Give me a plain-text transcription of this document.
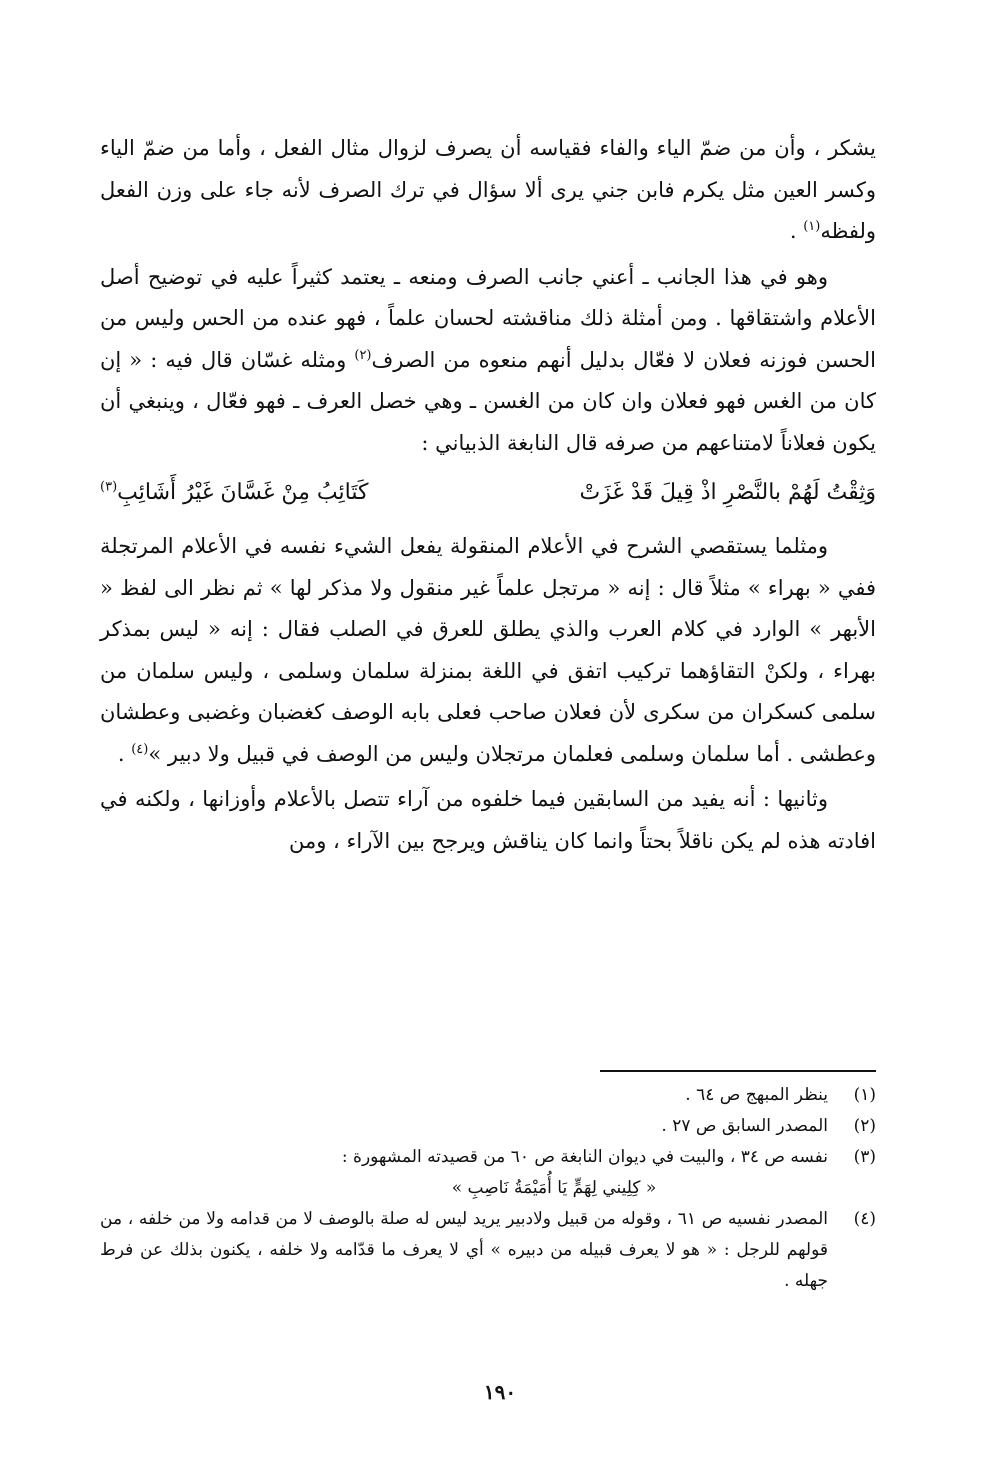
يشكر ، وأن من ضمّ الياء والفاء فقياسه أن يصرف لزوال مثال الفعل ، وأما من ضمّ الياء وكسر العين مثل يكرم فابن جني يرى ألا سؤال في ترك الصرف لأنه جاء على وزن الفعل ولفظه$^{(١)}$ .

وهو في هذا الجانب ـ أعني جانب الصرف ومنعه ـ يعتمد كثيراً عليه في توضيح أصل الأعلام واشتقاقها . ومن أمثلة ذلك مناقشته لحسان علماً ، فهو عنده من الحس وليس من الحسن فوزنه فعلان لا فعّال بدليل أنهم منعوه من الصرف$^{(٢)}$ ومثله غسّان قال فيه : « إن كان من الغس فهو فعلان وان كان من الغسن ـ وهي خصل العرف ـ فهو فعّال ، وينبغي أن يكون فعلاناً لامتناعهم من صرفه قال النابغة الذبياني :

وَثِقْتُ لَهُمْ بالنَّصْرِ اذْ قِيلَ قَدْ غَزَتْ
كَتَائِبُ مِنْ غَسَّانَ غَيْرُ أَشَائِبِ$^{(٣)}$

ومثلما يستقصي الشرح في الأعلام المنقولة يفعل الشيء نفسه في الأعلام المرتجلة ففي « بهراء » مثلاً قال : إنه « مرتجل علماً غير منقول ولا مذكر لها » ثم نظر الى لفظ « الأبهر » الوارد في كلام العرب والذي يطلق للعرق في الصلب فقال : إنه « ليس بمذكر بهراء ، ولكنْ التقاؤهما تركيب اتفق في اللغة بمنزلة سلمان وسلمى ، وليس سلمان من سلمى كسكران من سكرى لأن فعلان صاحب فعلى بابه الوصف كغضبان وغضبى وعطشان وعطشى . أما سلمان وسلمى فعلمان مرتجلان وليس من الوصف في قبيل ولا دبير »$^{(٤)}$ .

وثانيها : أنه يفيد من السابقين فيما خلفوه من آراء تتصل بالأعلام وأوزانها ، ولكنه في افادته هذه لم يكن ناقلاً بحتاً وانما كان يناقش ويرجح بين الآراء ، ومن

(١)
ينظر المبهج ص ٦٤ .
(٢)
المصدر السابق ص ٢٧ .
(٣)
نفسه ص ٣٤ ، والبيت في ديوان النابغة ص ٦٠ من قصيدته المشهورة :
« كِلِيني لِهَمٍّ يَا أُمَيْمَةُ نَاصِبِ »
(٤)
المصدر نفسيه ص ٦١ ، وقوله من قبيل ولادبير يريد ليس له صلة بالوصف لا من قدامه ولا من خلفه ، من قولهم للرجل : « هو لا يعرف قبيله من دبيره » أي لا يعرف ما قدّامه ولا خلفه ، يكنون بذلك عن فرط جهله .
١٩٠
